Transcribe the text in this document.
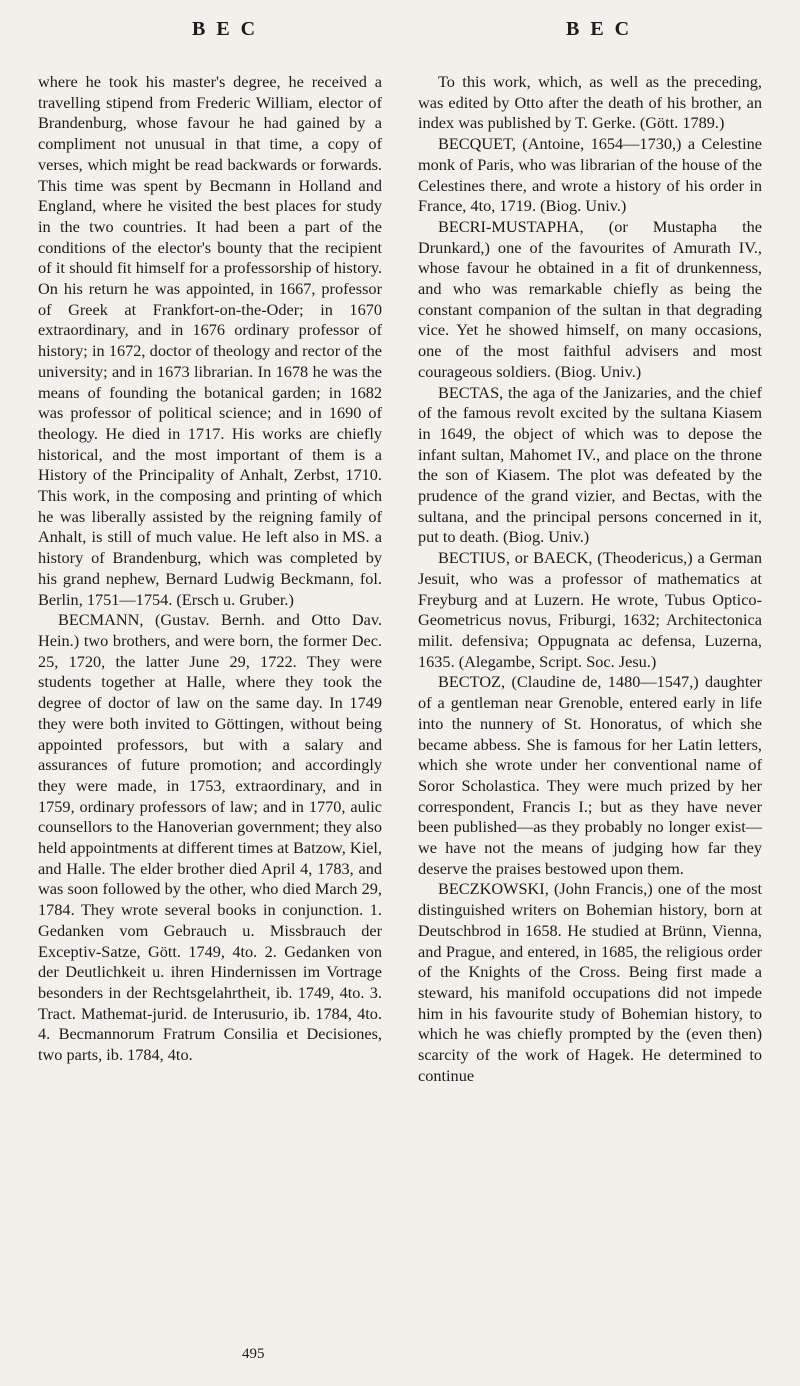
B E C	B E C

where he took his master's degree, he received a travelling stipend from Frederic William, elector of Brandenburg, whose favour he had gained by a compliment not unusual in that time, a copy of verses, which might be read backwards or forwards. This time was spent by Becmann in Holland and England, where he visited the best places for study in the two countries. It had been a part of the conditions of the elector's bounty that the recipient of it should fit himself for a professorship of history. On his return he was appointed, in 1667, professor of Greek at Frankfort-on-the-Oder; in 1670 extraordinary, and in 1676 ordinary professor of history; in 1672, doctor of theology and rector of the university; and in 1673 librarian. In 1678 he was the means of founding the botanical garden; in 1682 was professor of political science; and in 1690 of theology. He died in 1717. His works are chiefly historical, and the most important of them is a History of the Principality of Anhalt, Zerbst, 1710. This work, in the composing and printing of which he was liberally assisted by the reigning family of Anhalt, is still of much value. He left also in MS. a history of Brandenburg, which was completed by his grand nephew, Bernard Ludwig Beckmann, fol. Berlin, 1751—1754. (Ersch u. Gruber.)

BECMANN, (Gustav. Bernh. and Otto Dav. Hein.) two brothers, and were born, the former Dec. 25, 1720, the latter June 29, 1722. They were students together at Halle, where they took the degree of doctor of law on the same day. In 1749 they were both invited to Göttingen, without being appointed professors, but with a salary and assurances of future promotion; and accordingly they were made, in 1753, extraordinary, and in 1759, ordinary professors of law; and in 1770, aulic counsellors to the Hanoverian government; they also held appointments at different times at Batzow, Kiel, and Halle. The elder brother died April 4, 1783, and was soon followed by the other, who died March 29, 1784. They wrote several books in conjunction. 1. Gedanken vom Gebrauch u. Missbrauch der Exceptiv-Satze, Gött. 1749, 4to. 2. Gedanken von der Deutlichkeit u. ihren Hindernissen im Vortrage besonders in der Rechtsgelahrtheit, ib. 1749, 4to. 3. Tract. Mathemat-jurid. de Interusurio, ib. 1784, 4to. 4. Becmannorum Fratrum Consilia et Decisiones, two parts, ib. 1784, 4to.

To this work, which, as well as the preceding, was edited by Otto after the death of his brother, an index was published by T. Gerke. (Gött. 1789.)

BECQUET, (Antoine, 1654—1730,) a Celestine monk of Paris, who was librarian of the house of the Celestines there, and wrote a history of his order in France, 4to, 1719. (Biog. Univ.)

BECRI-MUSTAPHA, (or Mustapha the Drunkard,) one of the favourites of Amurath IV., whose favour he obtained in a fit of drunkenness, and who was remarkable chiefly as being the constant companion of the sultan in that degrading vice. Yet he showed himself, on many occasions, one of the most faithful advisers and most courageous soldiers. (Biog. Univ.)

BECTAS, the aga of the Janizaries, and the chief of the famous revolt excited by the sultana Kiasem in 1649, the object of which was to depose the infant sultan, Mahomet IV., and place on the throne the son of Kiasem. The plot was defeated by the prudence of the grand vizier, and Bectas, with the sultana, and the principal persons concerned in it, put to death. (Biog. Univ.)

BECTIUS, or BAECK, (Theodericus,) a German Jesuit, who was a professor of mathematics at Freyburg and at Luzern. He wrote, Tubus Optico-Geometricus novus, Friburgi, 1632; Architectonica milit. defensiva; Oppugnata ac defensa, Luzerna, 1635. (Alegambe, Script. Soc. Jesu.)

BECTOZ, (Claudine de, 1480—1547,) daughter of a gentleman near Grenoble, entered early in life into the nunnery of St. Honoratus, of which she became abbess. She is famous for her Latin letters, which she wrote under her conventional name of Soror Scholastica. They were much prized by her correspondent, Francis I.; but as they have never been published—as they probably no longer exist—we have not the means of judging how far they deserve the praises bestowed upon them.

BECZKOWSKI, (John Francis,) one of the most distinguished writers on Bohemian history, born at Deutschbrod in 1658. He studied at Brünn, Vienna, and Prague, and entered, in 1685, the religious order of the Knights of the Cross. Being first made a steward, his manifold occupations did not impede him in his favourite study of Bohemian history, to which he was chiefly prompted by the (even then) scarcity of the work of Hagek. He determined to continue

495
